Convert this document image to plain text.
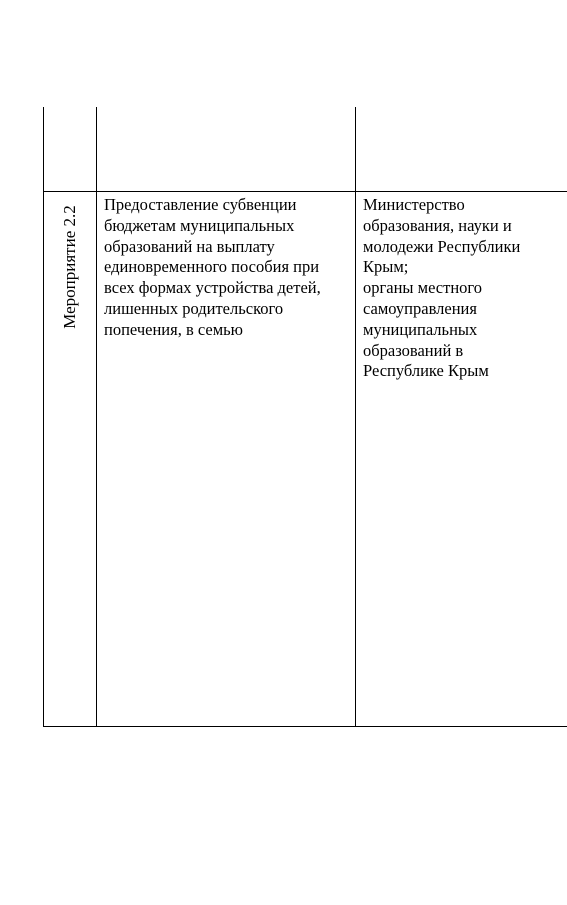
Мероприятие 2.2
Предоставление субвенции
бюджетам муниципальных
образований на выплату
единовременного пособия при
всех формах устройства детей,
лишенных родительского
попечения, в семью
Министерство
образования, науки и
молодежи Республики
Крым;
органы местного
самоуправления
муниципальных
образований в
Республике Крым
